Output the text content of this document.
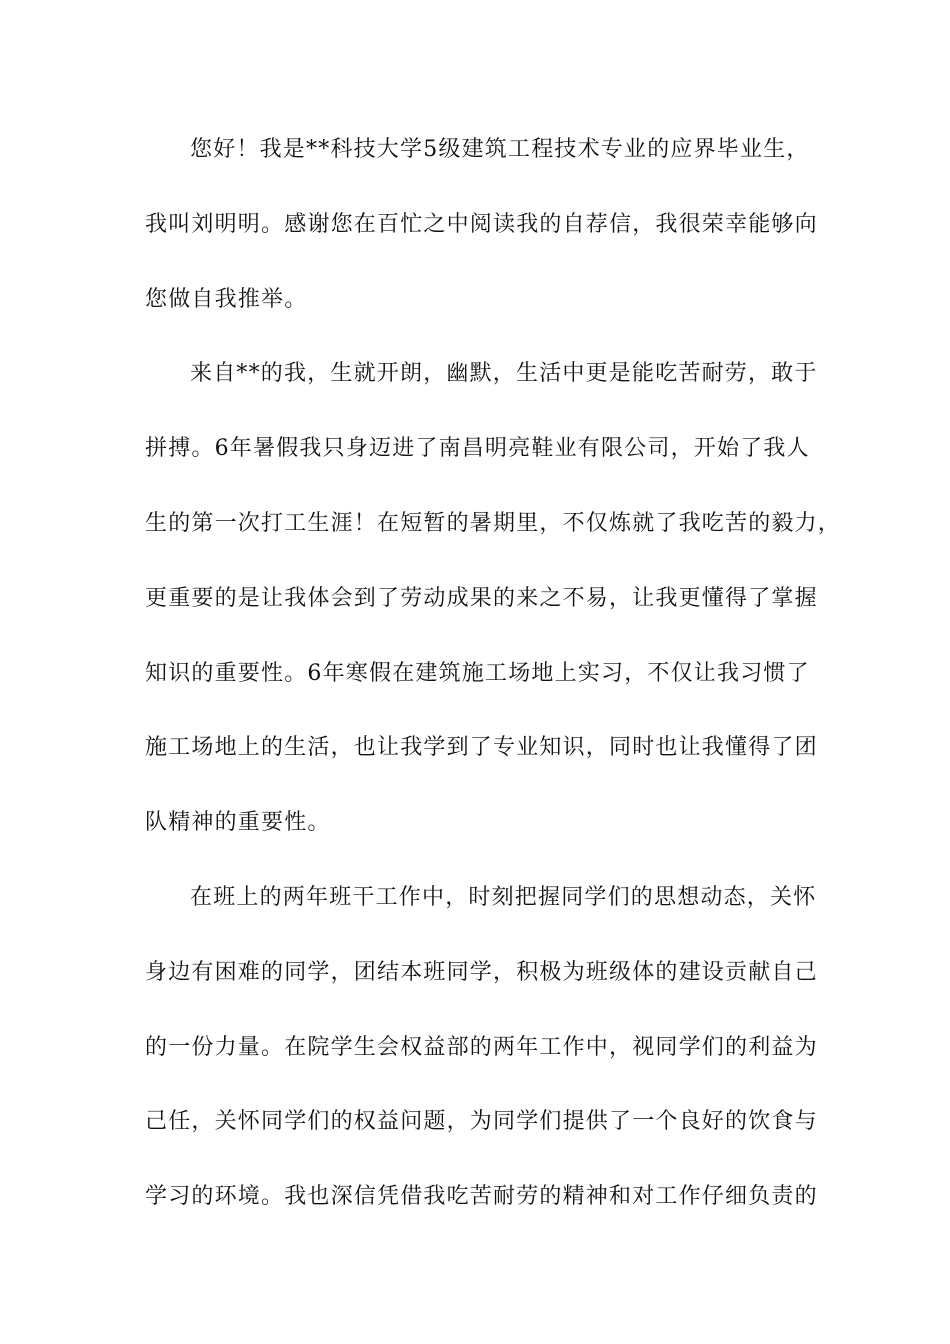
您好！我是**科技大学5级建筑工程技术专业的应界毕业生，
我叫刘明明。感谢您在百忙之中阅读我的自荐信，我很荣幸能够向
您做自我推举。
来自**的我，生就开朗，幽默，生活中更是能吃苦耐劳，敢于
拼搏。6年暑假我只身迈进了南昌明亮鞋业有限公司，开始了我人
生的第一次打工生涯！在短暂的暑期里，不仅炼就了我吃苦的毅力，
更重要的是让我体会到了劳动成果的来之不易，让我更懂得了掌握
知识的重要性。6年寒假在建筑施工场地上实习，不仅让我习惯了
施工场地上的生活，也让我学到了专业知识，同时也让我懂得了团
队精神的重要性。
在班上的两年班干工作中，时刻把握同学们的思想动态，关怀
身边有困难的同学，团结本班同学，积极为班级体的建设贡献自己
的一份力量。在院学生会权益部的两年工作中，视同学们的利益为
己任，关怀同学们的权益问题，为同学们提供了一个良好的饮食与
学习的环境。我也深信凭借我吃苦耐劳的精神和对工作仔细负责的
